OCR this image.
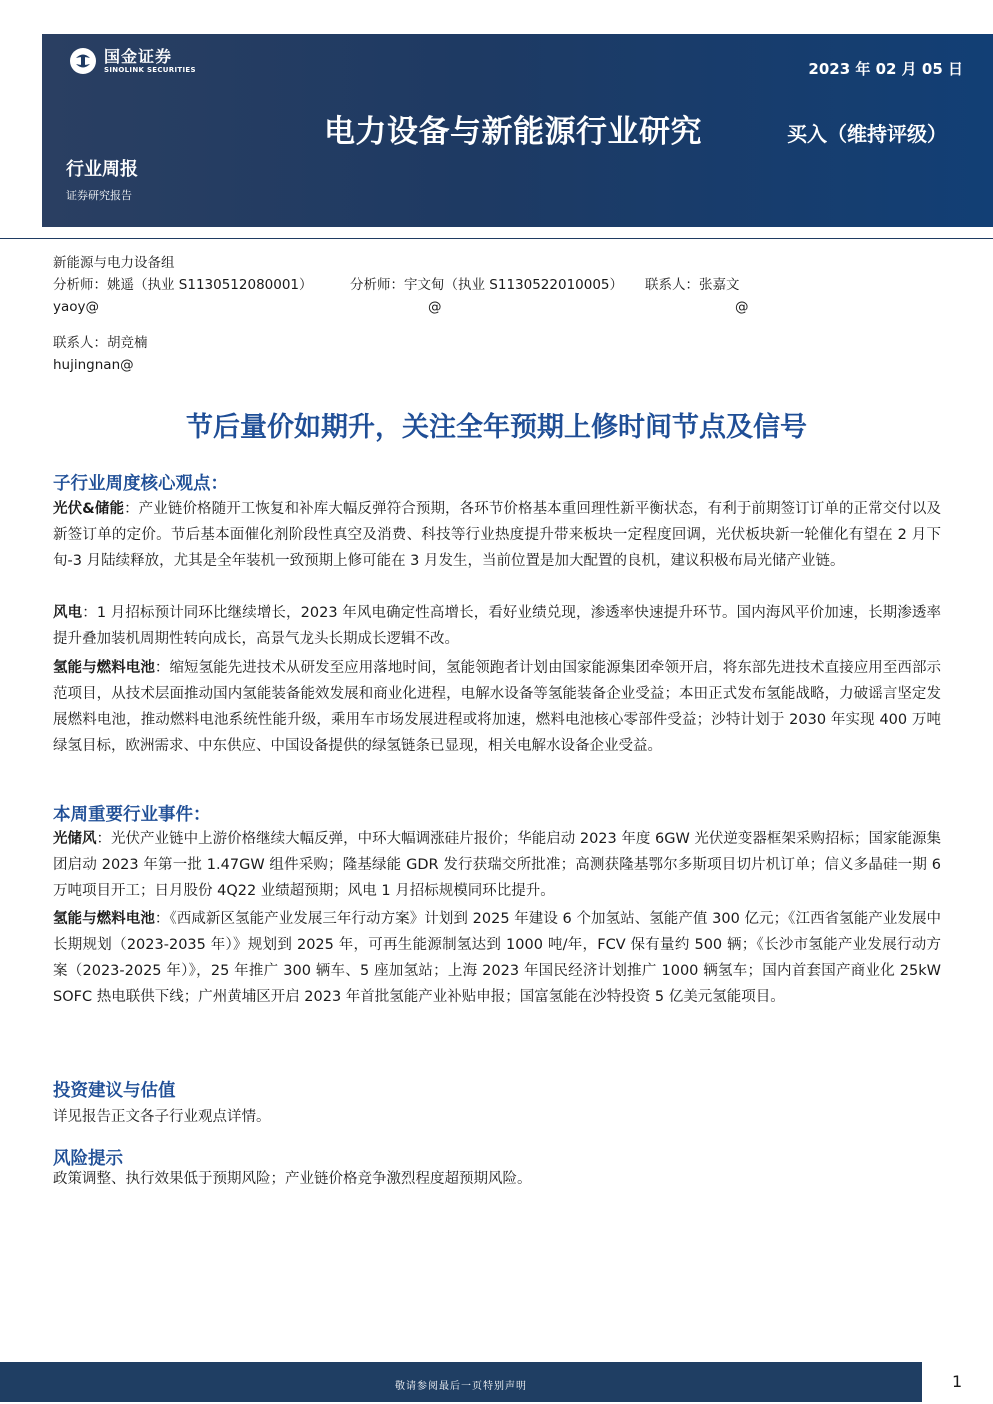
国金证券
SINOLINK SECURITIES	2023 年 02 月 05 日
电力设备与新能源行业研究	买入（维持评级）
行业周报
证券研究报告
新能源与电力设备组
分析师：姚遥（执业 S1130512080001）
yaoy@
分析师：宇文甸（执业 S1130522010005）
@
联系人：张嘉文
@
联系人：胡竞楠
hujingnan@
节后量价如期升，关注全年预期上修时间节点及信号
子行业周度核心观点：
光伏&储能：产业链价格随开工恢复和补库大幅反弹符合预期，各环节价格基本重回理性新平衡状态，有利于前期签订订单的正常交付以及新签订单的定价。节后基本面催化剂阶段性真空及消费、科技等行业热度提升带来板块一定程度回调，光伏板块新一轮催化有望在 2 月下旬-3 月陆续释放，尤其是全年装机一致预期上修可能在 3 月发生，当前位置是加大配置的良机，建议积极布局光储产业链。
风电：1 月招标预计同环比继续增长，2023 年风电确定性高增长，看好业绩兑现，渗透率快速提升环节。国内海风平价加速，长期渗透率提升叠加装机周期性转向成长，高景气龙头长期成长逻辑不改。
氢能与燃料电池：缩短氢能先进技术从研发至应用落地时间，氢能领跑者计划由国家能源集团牵领开启，将东部先进技术直接应用至西部示范项目，从技术层面推动国内氢能装备能效发展和商业化进程，电解水设备等氢能装备企业受益；本田正式发布氢能战略，力破谣言坚定发展燃料电池，推动燃料电池系统性能升级，乘用车市场发展进程或将加速，燃料电池核心零部件受益；沙特计划于 2030 年实现 400 万吨绿氢目标，欧洲需求、中东供应、中国设备提供的绿氢链条已显现，相关电解水设备企业受益。
本周重要行业事件：
光储风：光伏产业链中上游价格继续大幅反弹，中环大幅调涨硅片报价；华能启动 2023 年度 6GW 光伏逆变器框架采购招标；国家能源集团启动 2023 年第一批 1.47GW 组件采购；隆基绿能 GDR 发行获瑞交所批准；高测获隆基鄂尔多斯项目切片机订单；信义多晶硅一期 6 万吨项目开工；日月股份 4Q22 业绩超预期；风电 1 月招标规模同环比提升。
氢能与燃料电池：《西咸新区氢能产业发展三年行动方案》计划到 2025 年建设 6 个加氢站、氢能产值 300 亿元；《江西省氢能产业发展中长期规划（2023-2035 年）》规划到 2025 年，可再生能源制氢达到 1000 吨/年，FCV 保有量约 500 辆；《长沙市氢能产业发展行动方案（2023-2025 年）》，25 年推广 300 辆车、5 座加氢站；上海 2023 年国民经济计划推广 1000 辆氢车；国内首套国产商业化 25kW SOFC 热电联供下线；广州黄埔区开启 2023 年首批氢能产业补贴申报；国富氢能在沙特投资 5 亿美元氢能项目。
投资建议与估值
详见报告正文各子行业观点详情。
风险提示
政策调整、执行效果低于预期风险；产业链价格竞争激烈程度超预期风险。
敬请参阅最后一页特别声明	1
